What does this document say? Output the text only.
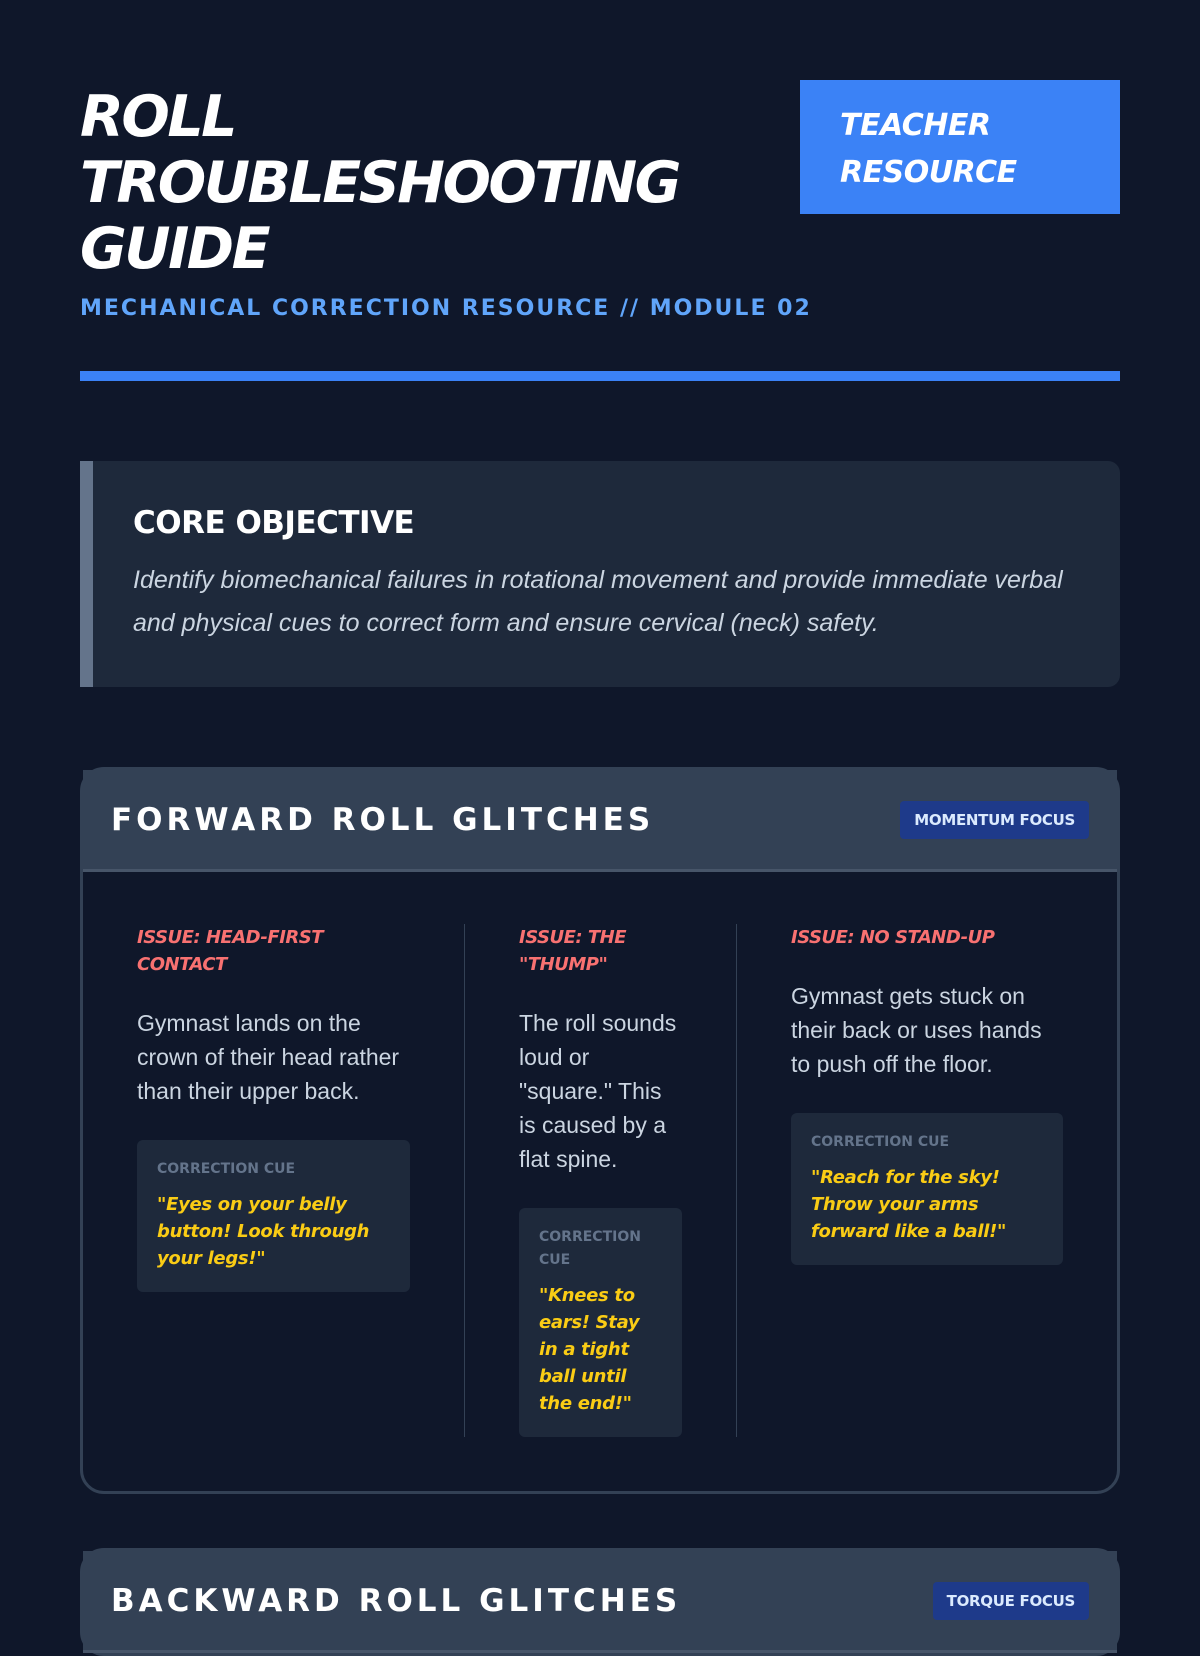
ROLL
TROUBLESHOOTING
GUIDE
MECHANICAL CORRECTION RESOURCE // MODULE 02
TEACHER
RESOURCE
CORE OBJECTIVE

Identify biomechanical failures in rotational movement and provide immediate verbal and physical cues to correct form and ensure cervical (neck) safety.

FORWARD ROLL GLITCHES	MOMENTUM FOCUS
ISSUE: HEAD-FIRST CONTACT

Gymnast lands on the crown of their head rather than their upper back.

CORRECTION CUE
"Eyes on your belly button! Look through your legs!"
ISSUE: THE "THUMP"

The roll sounds loud or "square." This is caused by a flat spine.

CORRECTION CUE
"Knees to ears! Stay in a tight ball until the end!"
ISSUE: NO STAND-UP

Gymnast gets stuck on their back or uses hands to push off the floor.

CORRECTION CUE
"Reach for the sky! Throw your arms forward like a ball!"
BACKWARD ROLL GLITCHES	TORQUE FOCUS
